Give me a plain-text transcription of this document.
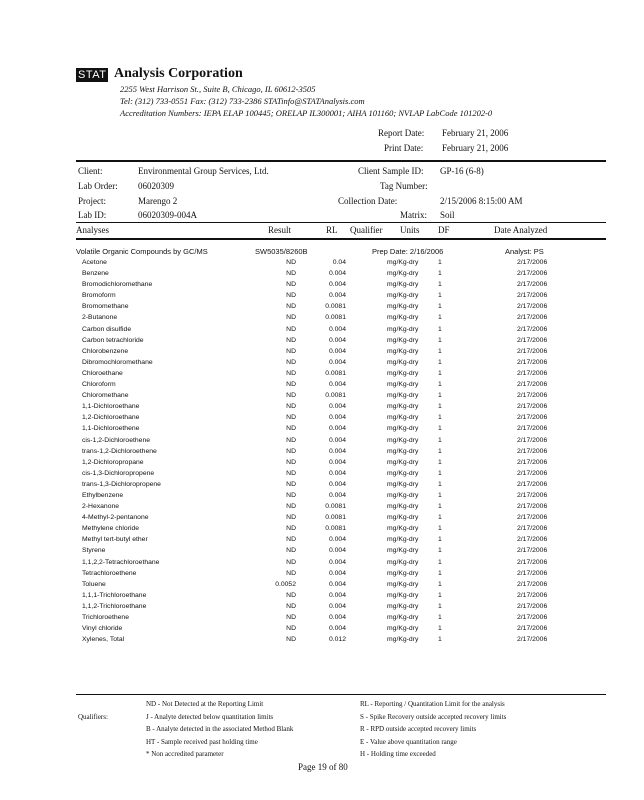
STAT Analysis Corporation
2255 West Harrison St., Suite B, Chicago, IL 60612-3505
Tel: (312) 733-0551 Fax: (312) 733-2386 STATinfo@STATAnalysis.com
Accreditation Numbers: IEPA ELAP 100445; ORELAP IL300001; AIHA 101160; NVLAP LabCode 101202-0
Report Date: February 21, 2006
Print Date: February 21, 2006
Client:	Environmental Group Services, Ltd.
Lab Order: 06020309
Project:	Marengo 2
Lab ID:	06020309-004A
Client Sample ID: GP-16 (6-8)
Tag Number:
Collection Date:	2/15/2006 8:15:00 AM
Matrix: Soil
Analyses	Result	RL Qualifier Units DF	Date Analyzed
Volatile Organic Compounds by GC/MS	SW5035/8260B	Prep Date: 2/16/2006	Analyst: PS
Acetone	ND	0.04	mg/Kg-dry	1	2/17/2006
Benzene	ND	0.004	mg/Kg-dry	1	2/17/2006
Bromodichloromethane	ND	0.004	mg/Kg-dry	1	2/17/2006
Bromoform	ND	0.004	mg/Kg-dry	1	2/17/2006
Bromomethane	ND	0.0081	mg/Kg-dry	1	2/17/2006
2-Butanone	ND	0.0081	mg/Kg-dry	1	2/17/2006
Carbon disulfide	ND	0.004	mg/Kg-dry	1	2/17/2006
Carbon tetrachloride	ND	0.004	mg/Kg-dry	1	2/17/2006
Chlorobenzene	ND	0.004	mg/Kg-dry	1	2/17/2006
Dibromochloromethane	ND	0.004	mg/Kg-dry	1	2/17/2006
Chloroethane	ND	0.0081	mg/Kg-dry	1	2/17/2006
Chloroform	ND	0.004	mg/Kg-dry	1	2/17/2006
Chloromethane	ND	0.0081	mg/Kg-dry	1	2/17/2006
1,1-Dichloroethane	ND	0.004	mg/Kg-dry	1	2/17/2006
1,2-Dichloroethane	ND	0.004	mg/Kg-dry	1	2/17/2006
1,1-Dichloroethene	ND	0.004	mg/Kg-dry	1	2/17/2006
cis-1,2-Dichloroethene	ND	0.004	mg/Kg-dry	1	2/17/2006
trans-1,2-Dichloroethene	ND	0.004	mg/Kg-dry	1	2/17/2006
1,2-Dichloropropane	ND	0.004	mg/Kg-dry	1	2/17/2006
cis-1,3-Dichloropropene	ND	0.004	mg/Kg-dry	1	2/17/2006
trans-1,3-Dichloropropene	ND	0.004	mg/Kg-dry	1	2/17/2006
Ethylbenzene	ND	0.004	mg/Kg-dry	1	2/17/2006
2-Hexanone	ND	0.0081	mg/Kg-dry	1	2/17/2006
4-Methyl-2-pentanone	ND	0.0081	mg/Kg-dry	1	2/17/2006
Methylene chloride	ND	0.0081	mg/Kg-dry	1	2/17/2006
Methyl tert-butyl ether	ND	0.004	mg/Kg-dry	1	2/17/2006
Styrene	ND	0.004	mg/Kg-dry	1	2/17/2006
1,1,2,2-Tetrachloroethane	ND	0.004	mg/Kg-dry	1	2/17/2006
Tetrachloroethene	ND	0.004	mg/Kg-dry	1	2/17/2006
Toluene	0.0052	0.004	mg/Kg-dry	1	2/17/2006
1,1,1-Trichloroethane	ND	0.004	mg/Kg-dry	1	2/17/2006
1,1,2-Trichloroethane	ND	0.004	mg/Kg-dry	1	2/17/2006
Trichloroethene	ND	0.004	mg/Kg-dry	1	2/17/2006
Vinyl chloride	ND	0.004	mg/Kg-dry	1	2/17/2006
Xylenes, Total	ND	0.012	mg/Kg-dry	1	2/17/2006
Qualifiers:
ND - Not Detected at the Reporting Limit
J - Analyte detected below quantitation limits
B - Analyte detected in the associated Method Blank
HT - Sample received past holding time
* Non accredited parameter
RL - Reporting / Quantitation Limit for the analysis
S - Spike Recovery outside accepted recovery limits
R - RPD outside accepted recovery limits
E - Value above quantitation range
H - Holding time exceeded
Page 19 of 80
